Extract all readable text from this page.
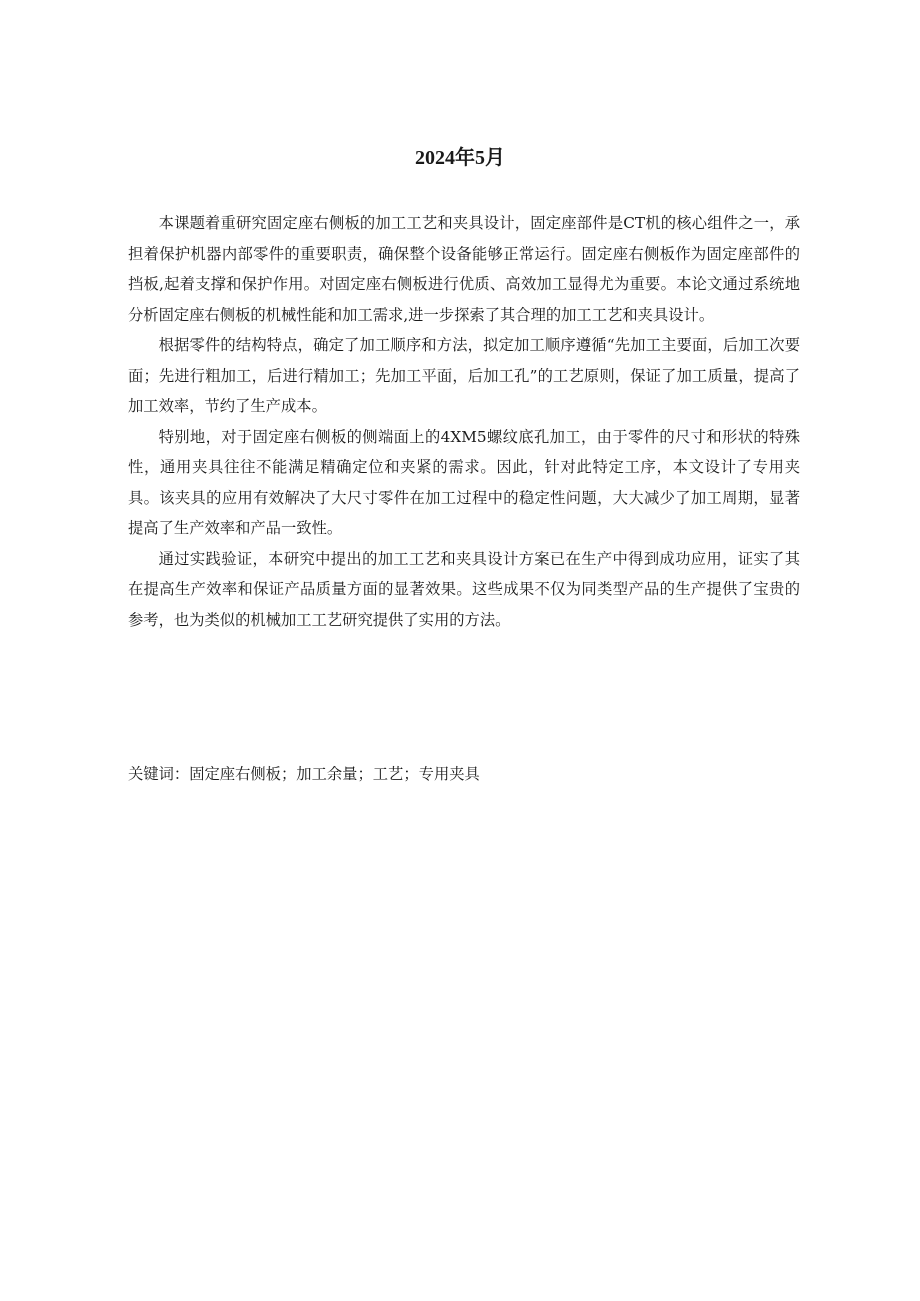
2024年5月

本课题着重研究固定座右侧板的加工工艺和夹具设计，固定座部件是CT机的核心组件之一，承担着保护机器内部零件的重要职责，确保整个设备能够正常运行。固定座右侧板作为固定座部件的挡板,起着支撑和保护作用。对固定座右侧板进行优质、高效加工显得尤为重要。本论文通过系统地分析固定座右侧板的机械性能和加工需求,进一步探索了其合理的加工工艺和夹具设计。

根据零件的结构特点，确定了加工顺序和方法，拟定加工顺序遵循“先加工主要面，后加工次要面；先进行粗加工，后进行精加工；先加工平面，后加工孔”的工艺原则，保证了加工质量，提高了加工效率，节约了生产成本。

特别地，对于固定座右侧板的侧端面上的4XM5螺纹底孔加工，由于零件的尺寸和形状的特殊性，通用夹具往往不能满足精确定位和夹紧的需求。因此，针对此特定工序，本文设计了专用夹具。该夹具的应用有效解决了大尺寸零件在加工过程中的稳定性问题，大大减少了加工周期，显著提高了生产效率和产品一致性。

通过实践验证，本研究中提出的加工工艺和夹具设计方案已在生产中得到成功应用，证实了其在提高生产效率和保证产品质量方面的显著效果。这些成果不仅为同类型产品的生产提供了宝贵的参考，也为类似的机械加工工艺研究提供了实用的方法。

关键词：固定座右侧板；加工余量；工艺；专用夹具
